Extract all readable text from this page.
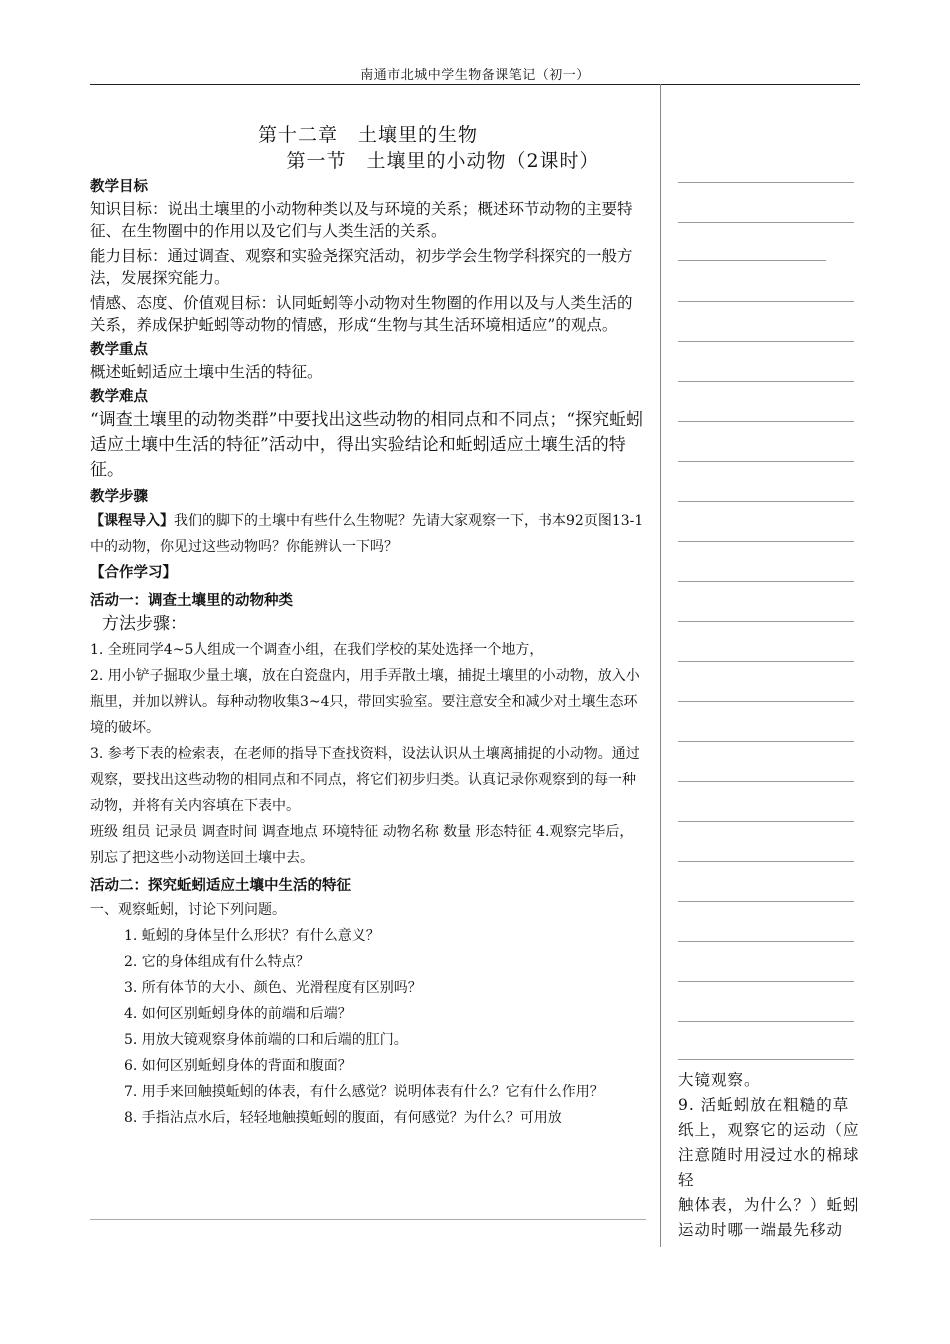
南通市北城中学生物备课笔记（初一）
第十二章　土壤里的生物
第一节　土壤里的小动物（2课时）
教学目标
知识目标：说出土壤里的小动物种类以及与环境的关系；概述环节动物的主要特征、在生物圈中的作用以及它们与人类生活的关系。
能力目标：通过调查、观察和实验尧探究活动，初步学会生物学科探究的一般方法，发展探究能力。
情感、态度、价值观目标：认同蚯蚓等小动物对生物圈的作用以及与人类生活的关系，养成保护蚯蚓等动物的情感，形成“生物与其生活环境相适应”的观点。
教学重点
概述蚯蚓适应土壤中生活的特征。
教学难点
“调查土壤里的动物类群”中要找出这些动物的相同点和不同点；“探究蚯蚓适应土壤中生活的特征”活动中，得出实验结论和蚯蚓适应土壤生活的特征。
教学步骤
【课程导入】我们的脚下的土壤中有些什么生物呢？先请大家观察一下，书本92页图13-1中的动物，你见过这些动物吗？你能辨认一下吗？
【合作学习】
活动一：调查土壤里的动物种类
方法步骤：
1. 全班同学4~5人组成一个调查小组，在我们学校的某处选择一个地方，
2. 用小铲子掘取少量土壤，放在白瓷盘内，用手弄散土壤，捕捉土壤里的小动物，放入小瓶里，并加以辨认。每种动物收集3~4只，带回实验室。要注意安全和减少对土壤生态环境的破坏。
3. 参考下表的检索表，在老师的指导下查找资料，设法认识从土壤离捕捉的小动物。通过观察，要找出这些动物的相同点和不同点，将它们初步归类。认真记录你观察到的每一种动物，并将有关内容填在下表中。
班级 组员 记录员 调查时间 调查地点 环境特征 动物名称 数量 形态特征 4.观察完毕后，别忘了把这些小动物送回土壤中去。
活动二：探究蚯蚓适应土壤中生活的特征
一、观察蚯蚓，讨论下列问题。
1. 蚯蚓的身体呈什么形状？有什么意义？
2. 它的身体组成有什么特点？
3. 所有体节的大小、颜色、光滑程度有区别吗？
4. 如何区别蚯蚓身体的前端和后端？
5. 用放大镜观察身体前端的口和后端的肛门。
6. 如何区别蚯蚓身体的背面和腹面？
7. 用手来回触摸蚯蚓的体表，有什么感觉？说明体表有什么？它有什么作用？
8. 手指沾点水后，轻轻地触摸蚯蚓的腹面，有何感觉？为什么？可用放
大镜观察。
9. 活蚯蚓放在粗糙的草纸上，观察它的运动（应注意随时用浸过水的棉球轻
触体表，为什么？）蚯蚓运动时哪一端最先移动
